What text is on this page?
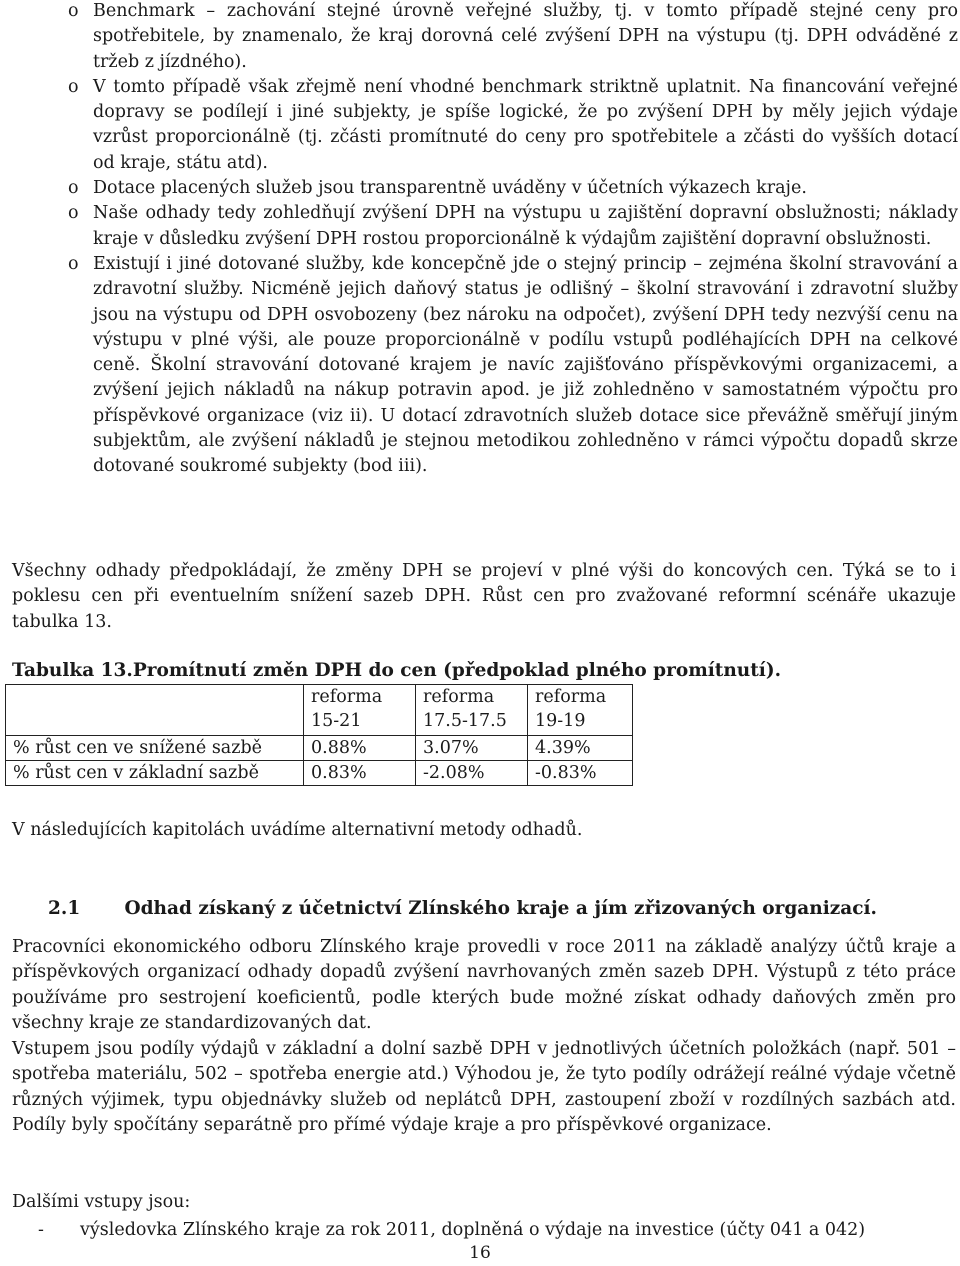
o Benchmark – zachování stejné úrovně veřejné služby, tj. v tomto případě stejné ceny pro spotřebitele, by znamenalo, že kraj dorovná celé zvýšení DPH na výstupu (tj. DPH odváděné z tržeb z jízdného).
o V tomto případě však zřejmě není vhodné benchmark striktně uplatnit. Na financování veřejné dopravy se podílejí i jiné subjekty, je spíše logické, že po zvýšení DPH by měly jejich výdaje vzrůst proporcionálně (tj. zčásti promítnuté do ceny pro spotřebitele a zčásti do vyšších dotací od kraje, státu atd).
o Dotace placených služeb jsou transparentně uváděny v účetních výkazech kraje.
o Naše odhady tedy zohledňují zvýšení DPH na výstupu u zajištění dopravní obslužnosti; náklady kraje v důsledku zvýšení DPH rostou proporcionálně k výdajům zajištění dopravní obslužnosti.
o Existují i jiné dotované služby, kde koncepčně jde o stejný princip – zejména školní stravování a zdravotní služby. Nicméně jejich daňový status je odlišný – školní stravování i zdravotní služby jsou na výstupu od DPH osvobozeny (bez nároku na odpočet), zvýšení DPH tedy nezvýší cenu na výstupu v plné výši, ale pouze proporcionálně v podílu vstupů podléhajících DPH na celkové ceně. Školní stravování dotované krajem je navíc zajišťováno příspěvkovými organizacemi, a zvýšení jejich nákladů na nákup potravin apod. je již zohledněno v samostatném výpočtu pro příspěvkové organizace (viz ii). U dotací zdravotních služeb dotace sice převážně směřují jiným subjektům, ale zvýšení nákladů je stejnou metodikou zohledněno v rámci výpočtu dopadů skrze dotované soukromé subjekty (bod iii).
Všechny odhady předpokládají, že změny DPH se projeví v plné výši do koncových cen. Týká se to i poklesu cen při eventuelním snížení sazeb DPH. Růst cen pro zvažované reformní scénáře ukazuje tabulka 13.
Tabulka 13.Promítnutí změn DPH do cen (předpoklad plného promítnutí).
	reforma 15-21	reforma 17.5-17.5	reforma 19-19
% růst cen ve snížené sazbě	0.88%	3.07%	4.39%
% růst cen v základní sazbě	0.83%	-2.08%	-0.83%
V následujících kapitolách uvádíme alternativní metody odhadů.
2.1 Odhad získaný z účetnictví Zlínského kraje a jím zřizovaných organizací.
Pracovníci ekonomického odboru Zlínského kraje provedli v roce 2011 na základě analýzy účtů kraje a příspěvkových organizací odhady dopadů zvýšení navrhovaných změn sazeb DPH. Výstupů z této práce používáme pro sestrojení koeficientů, podle kterých bude možné získat odhady daňových změn pro všechny kraje ze standardizovaných dat.
Vstupem jsou podíly výdajů v základní a dolní sazbě DPH v jednotlivých účetních položkách (např. 501 – spotřeba materiálu, 502 – spotřeba energie atd.) Výhodou je, že tyto podíly odrážejí reálné výdaje včetně různých výjimek, typu objednávky služeb od neplátců DPH, zastoupení zboží v rozdílných sazbách atd. Podíly byly spočítány separátně pro přímé výdaje kraje a pro příspěvkové organizace.
Dalšími vstupy jsou:
- výsledovka Zlínského kraje za rok 2011, doplněná o výdaje na investice (účty 041 a 042)
16
